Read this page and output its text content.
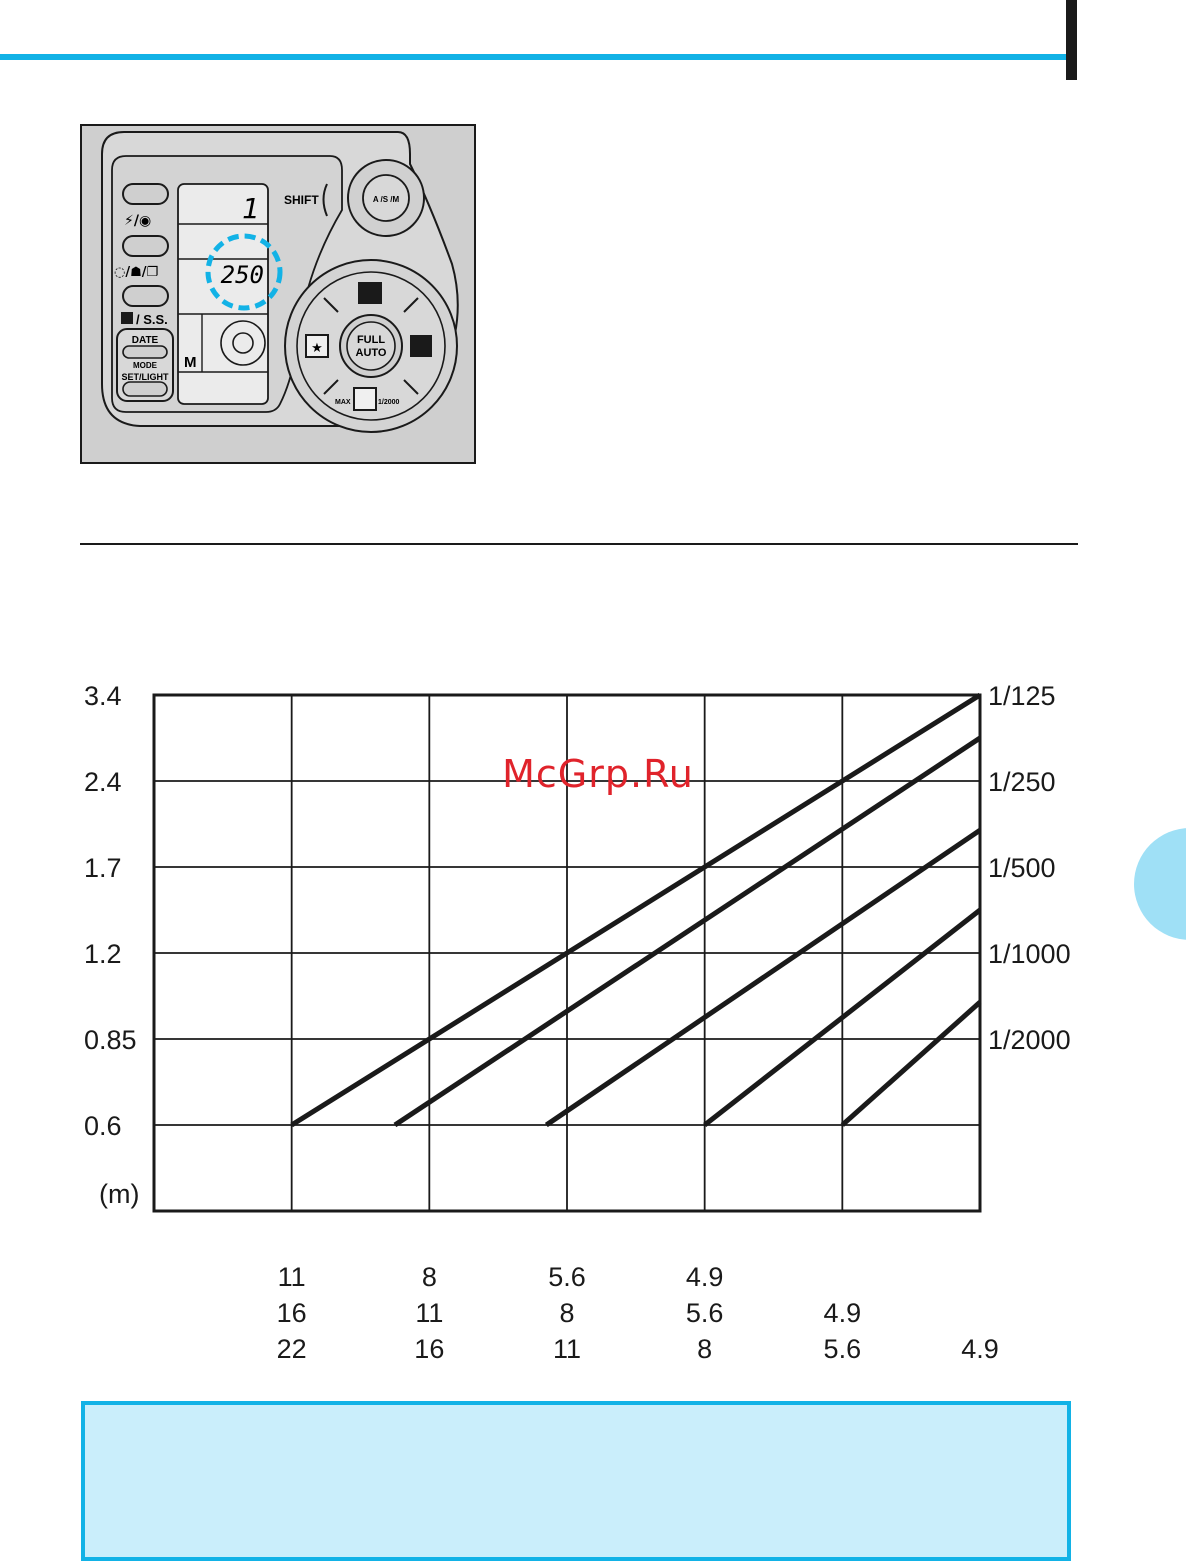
⚡/◉
◌/☗/❐
/ S.S.
DATE
MODE
SET/LIGHT
1
250
M
SHIFT	A /S /M
FULL
AUTO
★
MAX	1/2000
3.4
2.4
1.7
1.2
0.85
0.6
(m)
1/125
1/250
1/500
1/1000
1/2000
11	8	5.6	4.9
16	11	8	5.6	4.9
22	16	11	8	5.6	4.9
McGrp.Ru
